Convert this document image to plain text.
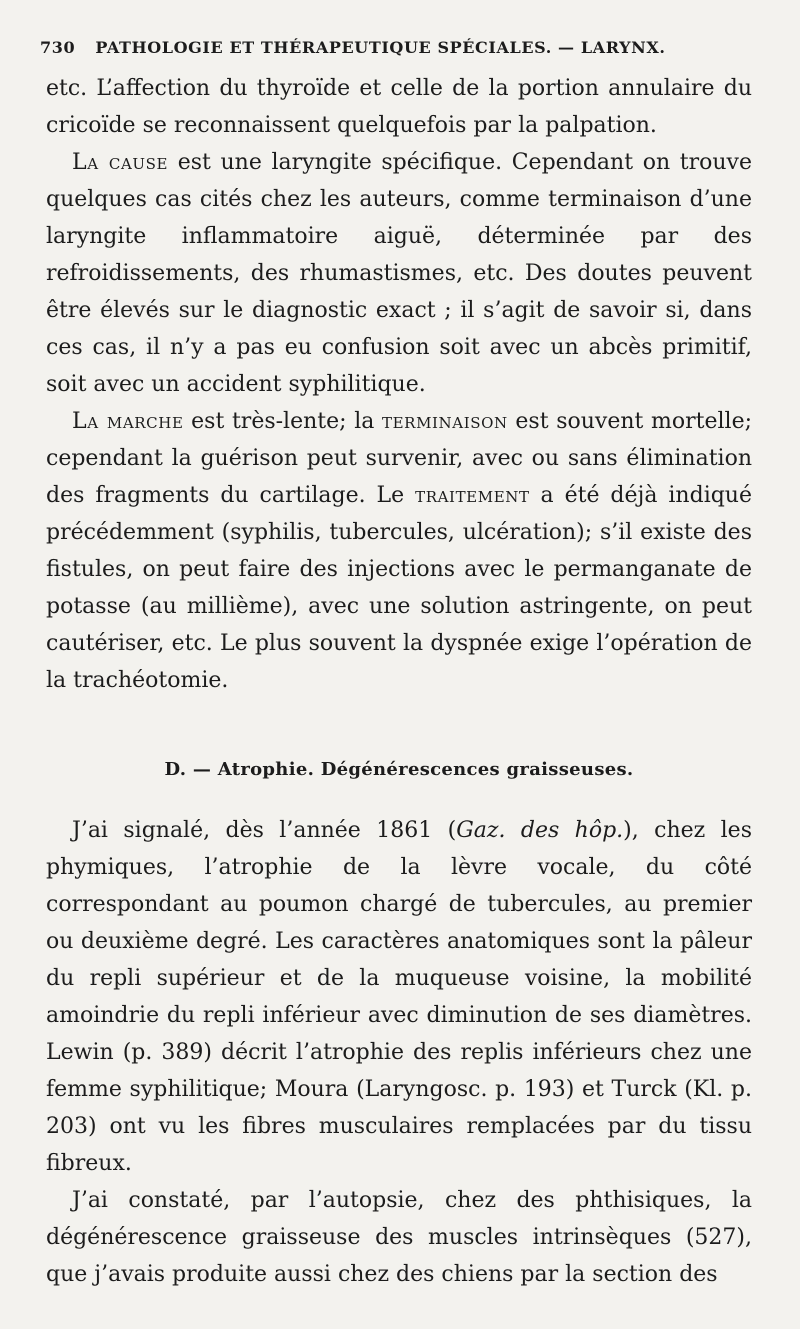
730 PATHOLOGIE ET THÉRAPEUTIQUE SPÉCIALES. — LARYNX.

etc. L’affection du thyroïde et celle de la portion annulaire du cricoïde se reconnaissent quelquefois par la palpation.

La cause est une laryngite spécifique. Cependant on trouve quelques cas cités chez les auteurs, comme terminaison d’une laryngite inflammatoire aiguë, déterminée par des refroidissements, des rhumastismes, etc. Des doutes peuvent être élevés sur le diagnostic exact ; il s’agit de savoir si, dans ces cas, il n’y a pas eu confusion soit avec un abcès primitif, soit avec un accident syphilitique.

La marche est très-lente; la terminaison est souvent mortelle; cependant la guérison peut survenir, avec ou sans élimination des fragments du cartilage. Le traitement a été déjà indiqué précédemment (syphilis, tubercules, ulcération); s’il existe des fistules, on peut faire des injections avec le permanganate de potasse (au millième), avec une solution astringente, on peut cautériser, etc. Le plus souvent la dyspnée exige l’opération de la trachéotomie.

D. — Atrophie. Dégénérescences graisseuses.

J’ai signalé, dès l’année 1861 (Gaz. des hôp.), chez les phymiques, l’atrophie de la lèvre vocale, du côté correspondant au poumon chargé de tubercules, au premier ou deuxième degré. Les caractères anatomiques sont la pâleur du repli supérieur et de la muqueuse voisine, la mobilité amoindrie du repli inférieur avec diminution de ses diamètres. Lewin (p. 389) décrit l’atrophie des replis inférieurs chez une femme syphilitique; Moura (Laryngosc. p. 193) et Turck (Kl. p. 203) ont vu les fibres musculaires remplacées par du tissu fibreux.

J’ai constaté, par l’autopsie, chez des phthisiques, la dégénérescence graisseuse des muscles intrinsèques (527), que j’avais produite aussi chez des chiens par la section des
